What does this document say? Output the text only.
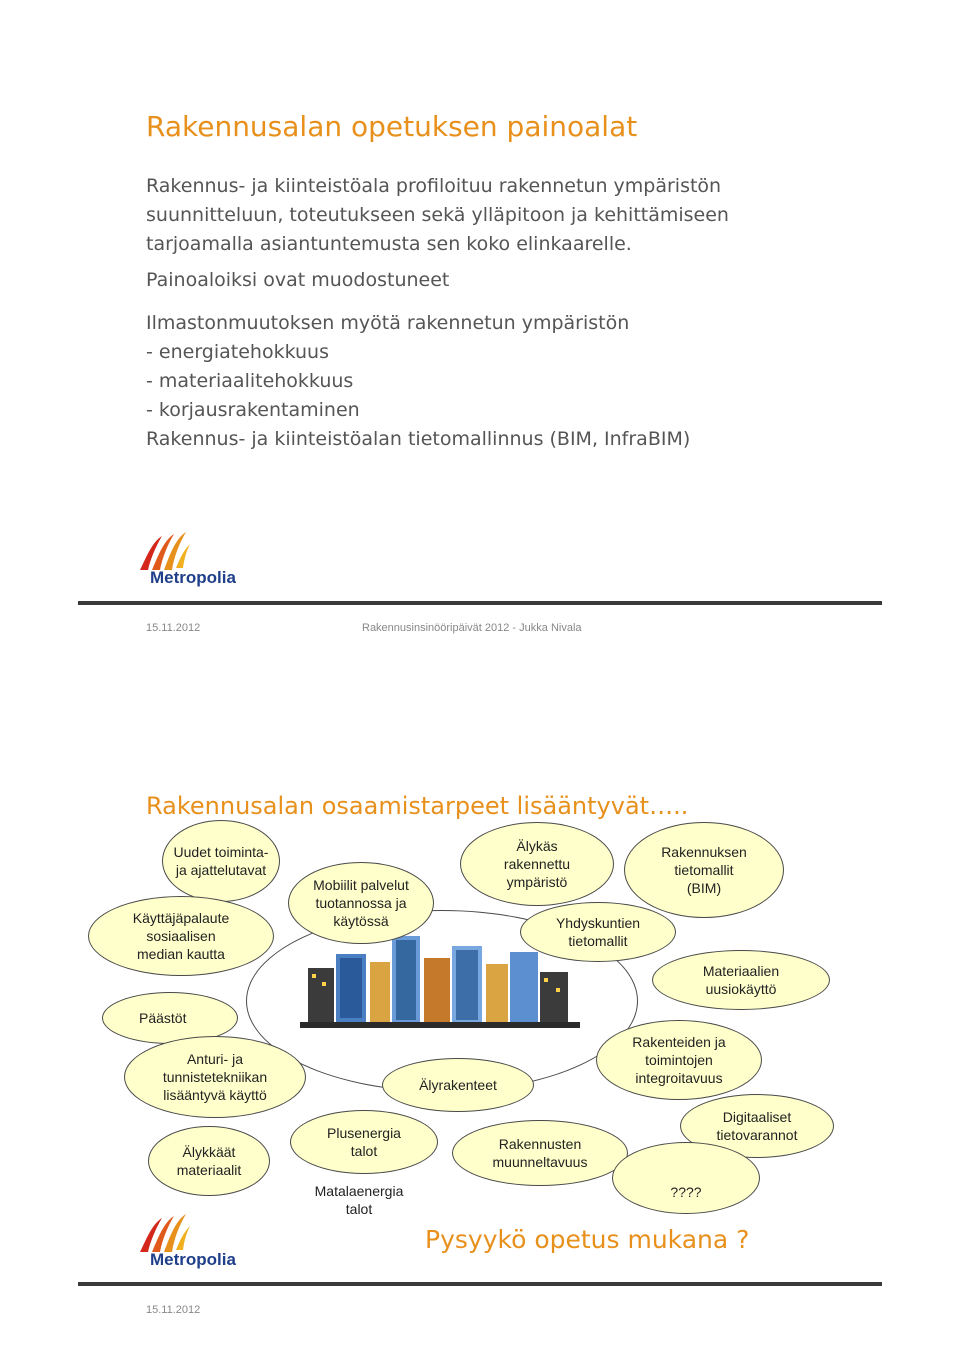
Rakennusalan opetuksen painoalat
Rakennus- ja kiinteistöala profiloituu rakennetun ympäristön
suunnitteluun, toteutukseen sekä ylläpitoon ja kehittämiseen
tarjoamalla asiantuntemusta sen koko elinkaarelle.
Painoaloiksi ovat muodostuneet
Ilmastonmuutoksen myötä rakennetun ympäristön
- energiatehokkuus
- materiaalitehokkuus
- korjausrakentaminen
Rakennus- ja kiinteistöalan tietomallinnus (BIM, InfraBIM)
Metropolia
15.11.2012	Rakennusinsinööripäivät 2012 - Jukka Nivala
Rakennusalan osaamistarpeet lisääntyvät…..
Uudet toiminta-
ja ajattelutavat
Mobiilit palvelut
tuotannossa ja
käytössä
Älykäs
rakennettu
ympäristö
Rakennuksen
tietomallit
(BIM)
Käyttäjäpalaute
sosiaalisen
median kautta
Yhdyskuntien
tietomallit
Materiaalien
uusiokäyttö
Päästöt
Rakenteiden ja
toimintojen
integroitavuus
Anturi- ja
tunnistetekniikan
lisääntyvä käyttö
Älyrakenteet
Digitaaliset
tietovarannot
Älykkäät
materiaalit
Plusenergia
talot	Rakennusten
muunneltavuus
????
Matalaenergia
talot
Pysyykö opetus mukana ?
Metropolia
15.11.2012
